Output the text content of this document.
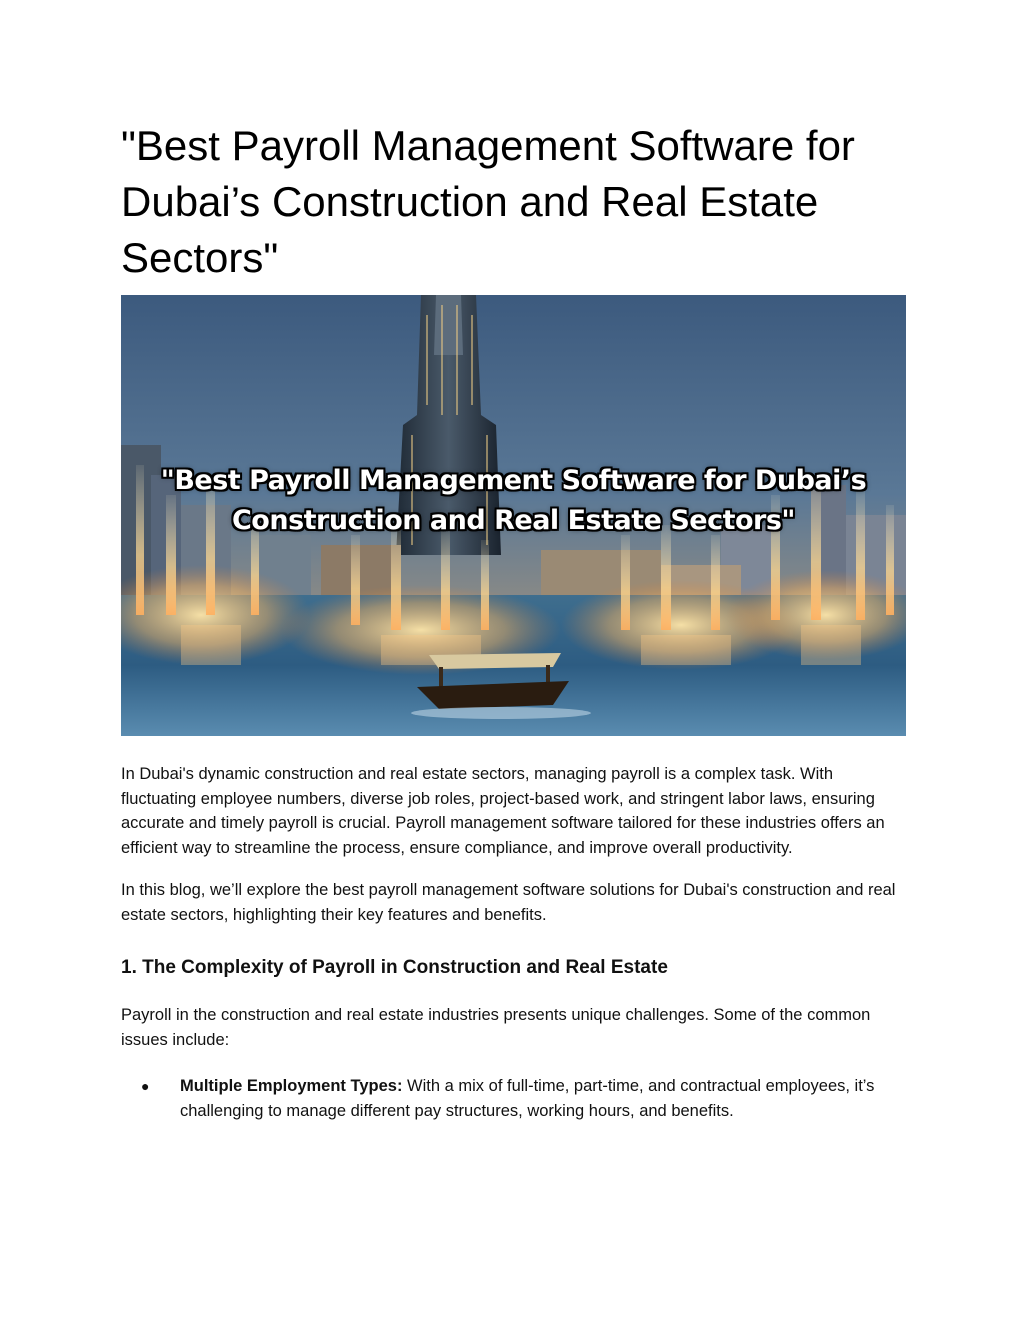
"Best Payroll Management Software for Dubai’s Construction and Real Estate Sectors"
"Best Payroll Management Software for Dubai’s
Construction and Real Estate Sectors"

In Dubai's dynamic construction and real estate sectors, managing payroll is a complex task. With fluctuating employee numbers, diverse job roles, project-based work, and stringent labor laws, ensuring accurate and timely payroll is crucial. Payroll management software tailored for these industries offers an efficient way to streamline the process, ensure compliance, and improve overall productivity.

In this blog, we’ll explore the best payroll management software solutions for Dubai's construction and real estate sectors, highlighting their key features and benefits.

1. The Complexity of Payroll in Construction and Real Estate

Payroll in the construction and real estate industries presents unique challenges. Some of the common issues include:

● Multiple Employment Types: With a mix of full-time, part-time, and contractual employees, it’s challenging to manage different pay structures, working hours, and benefits.
